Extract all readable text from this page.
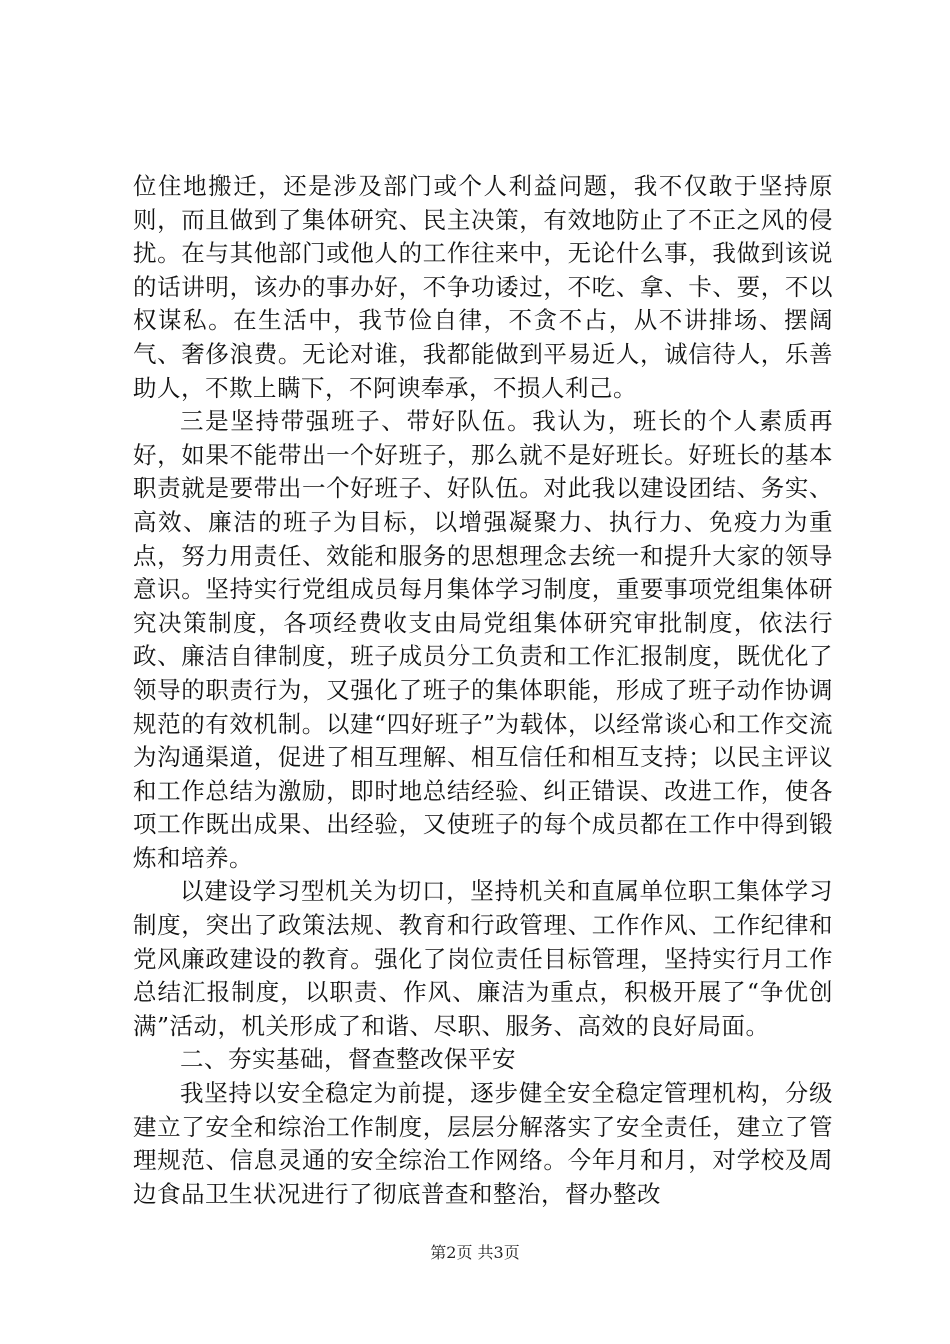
位住地搬迁，还是涉及部门或个人利益问题，我不仅敢于坚持原则，而且做到了集体研究、民主决策，有效地防止了不正之风的侵扰。在与其他部门或他人的工作往来中，无论什么事，我做到该说的话讲明，该办的事办好，不争功诿过，不吃、拿、卡、要，不以权谋私。在生活中，我节俭自律，不贪不占，从不讲排场、摆阔气、奢侈浪费。无论对谁，我都能做到平易近人，诚信待人，乐善助人，不欺上瞒下，不阿谀奉承，不损人利己。

三是坚持带强班子、带好队伍。我认为，班长的个人素质再好，如果不能带出一个好班子，那么就不是好班长。好班长的基本职责就是要带出一个好班子、好队伍。对此我以建设团结、务实、高效、廉洁的班子为目标，以增强凝聚力、执行力、免疫力为重点，努力用责任、效能和服务的思想理念去统一和提升大家的领导意识。坚持实行党组成员每月集体学习制度，重要事项党组集体研究决策制度，各项经费收支由局党组集体研究审批制度，依法行政、廉洁自律制度，班子成员分工负责和工作汇报制度，既优化了领导的职责行为，又强化了班子的集体职能，形成了班子动作协调规范的有效机制。以建“四好班子”为载体，以经常谈心和工作交流为沟通渠道，促进了相互理解、相互信任和相互支持；以民主评议和工作总结为激励，即时地总结经验、纠正错误、改进工作，使各项工作既出成果、出经验，又使班子的每个成员都在工作中得到锻炼和培养。

以建设学习型机关为切口，坚持机关和直属单位职工集体学习制度，突出了政策法规、教育和行政管理、工作作风、工作纪律和党风廉政建设的教育。强化了岗位责任目标管理，坚持实行月工作总结汇报制度，以职责、作风、廉洁为重点，积极开展了“争优创满”活动，机关形成了和谐、尽职、服务、高效的良好局面。

二、夯实基础，督查整改保平安

我坚持以安全稳定为前提，逐步健全安全稳定管理机构，分级建立了安全和综治工作制度，层层分解落实了安全责任，建立了管理规范、信息灵通的安全综治工作网络。今年月和月，对学校及周边食品卫生状况进行了彻底普查和整治，督办整改

第2页 共3页
